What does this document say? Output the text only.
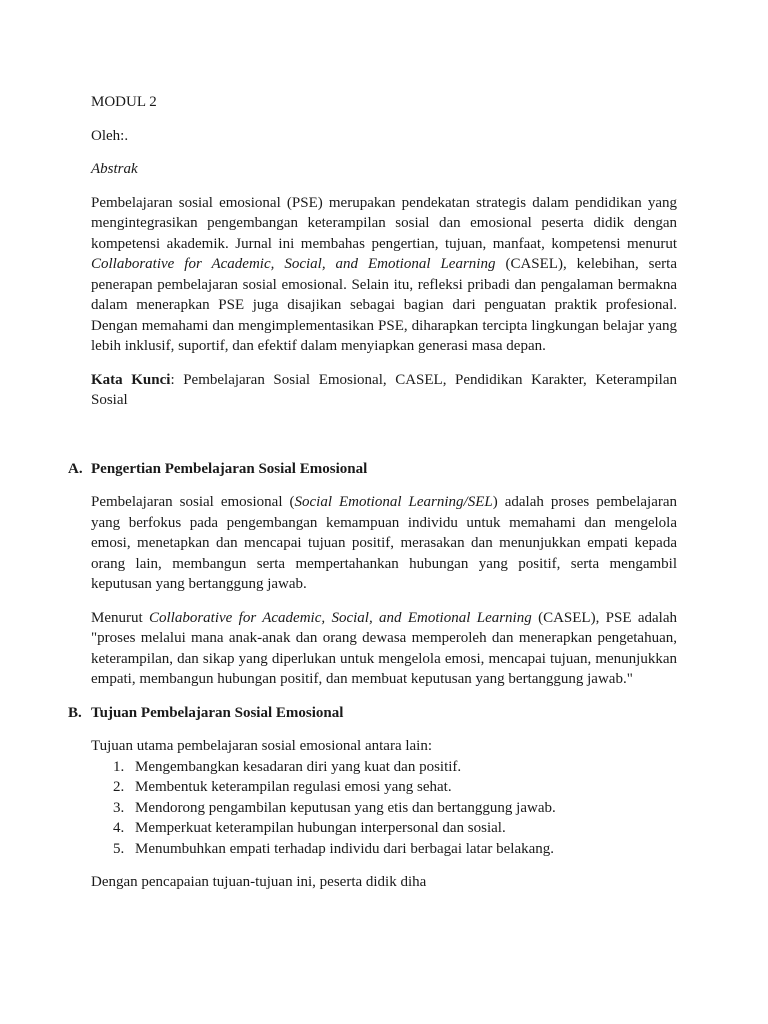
MODUL 2

Oleh:.

Abstrak

Pembelajaran sosial emosional (PSE) merupakan pendekatan strategis dalam pendidikan yang mengintegrasikan pengembangan keterampilan sosial dan emosional peserta didik dengan kompetensi akademik. Jurnal ini membahas pengertian, tujuan, manfaat, kompetensi menurut Collaborative for Academic, Social, and Emotional Learning (CASEL), kelebihan, serta penerapan pembelajaran sosial emosional. Selain itu, refleksi pribadi dan pengalaman bermakna dalam menerapkan PSE juga disajikan sebagai bagian dari penguatan praktik profesional. Dengan memahami dan mengimplementasikan PSE, diharapkan tercipta lingkungan belajar yang lebih inklusif, suportif, dan efektif dalam menyiapkan generasi masa depan.

Kata Kunci: Pembelajaran Sosial Emosional, CASEL, Pendidikan Karakter, Keterampilan Sosial

A. Pengertian Pembelajaran Sosial Emosional

Pembelajaran sosial emosional (Social Emotional Learning/SEL) adalah proses pembelajaran yang berfokus pada pengembangan kemampuan individu untuk memahami dan mengelola emosi, menetapkan dan mencapai tujuan positif, merasakan dan menunjukkan empati kepada orang lain, membangun serta mempertahankan hubungan yang positif, serta mengambil keputusan yang bertanggung jawab.

Menurut Collaborative for Academic, Social, and Emotional Learning (CASEL), PSE adalah "proses melalui mana anak-anak dan orang dewasa memperoleh dan menerapkan pengetahuan, keterampilan, dan sikap yang diperlukan untuk mengelola emosi, mencapai tujuan, menunjukkan empati, membangun hubungan positif, dan membuat keputusan yang bertanggung jawab."

B. Tujuan Pembelajaran Sosial Emosional

Tujuan utama pembelajaran sosial emosional antara lain:

1. Mengembangkan kesadaran diri yang kuat dan positif.
2. Membentuk keterampilan regulasi emosi yang sehat.
3. Mendorong pengambilan keputusan yang etis dan bertanggung jawab.
4. Memperkuat keterampilan hubungan interpersonal dan sosial.
5. Menumbuhkan empati terhadap individu dari berbagai latar belakang.

Dengan pencapaian tujuan-tujuan ini, peserta didik diha
